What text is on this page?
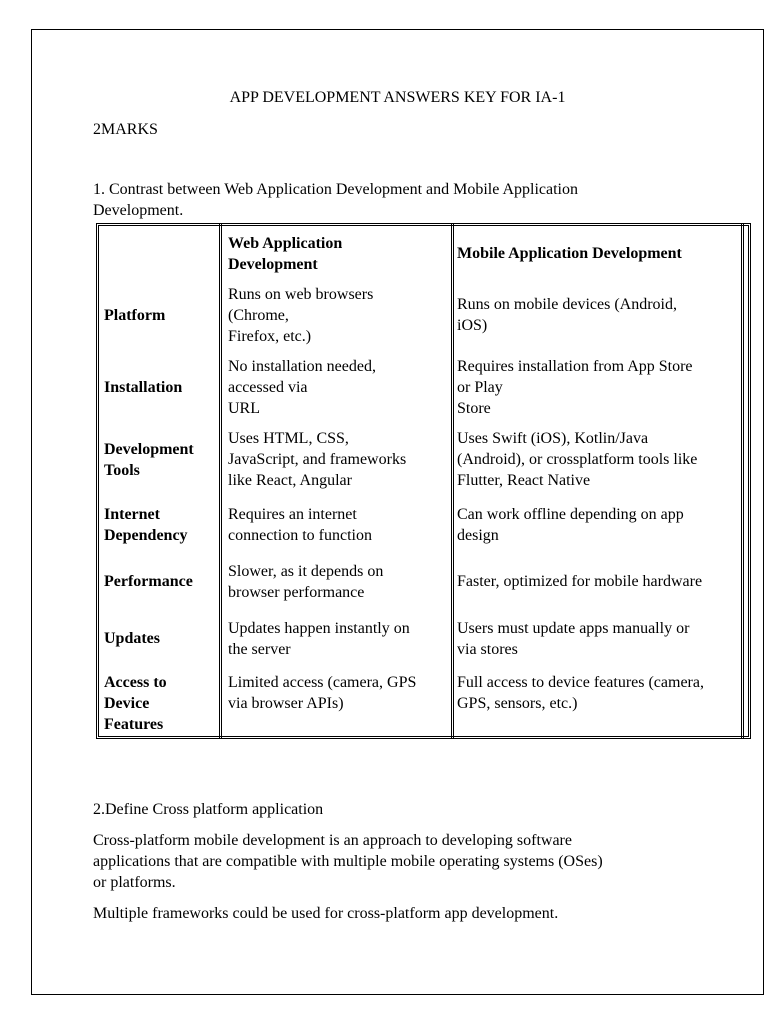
APP DEVELOPMENT ANSWERS KEY FOR IA-1
2MARKS
1. Contrast between Web Application Development and Mobile Application
Development.
Web Application
Development
Mobile Application Development
Platform
Runs on web browsers
(Chrome,
Firefox, etc.)
Runs on mobile devices (Android,
iOS)
Installation
No installation needed,
accessed via
URL
Requires installation from App Store
or Play
Store
Development
Tools
Uses HTML, CSS,
JavaScript, and frameworks
like React, Angular
Uses Swift (iOS), Kotlin/Java
(Android), or crossplatform tools like
Flutter, React Native
Internet
Dependency
Requires an internet
connection to function
Can work offline depending on app
design
Performance
Slower, as it depends on
browser performance
Faster, optimized for mobile hardware
Updates
Updates happen instantly on
the server
Users must update apps manually or
via stores
Access to
Device
Features
Limited access (camera, GPS
via browser APIs)
Full access to device features (camera,
GPS, sensors, etc.)
2.Define Cross platform application
Cross-platform mobile development is an approach to developing software
applications that are compatible with multiple mobile operating systems (OSes)
or platforms.
Multiple frameworks could be used for cross-platform app development.
